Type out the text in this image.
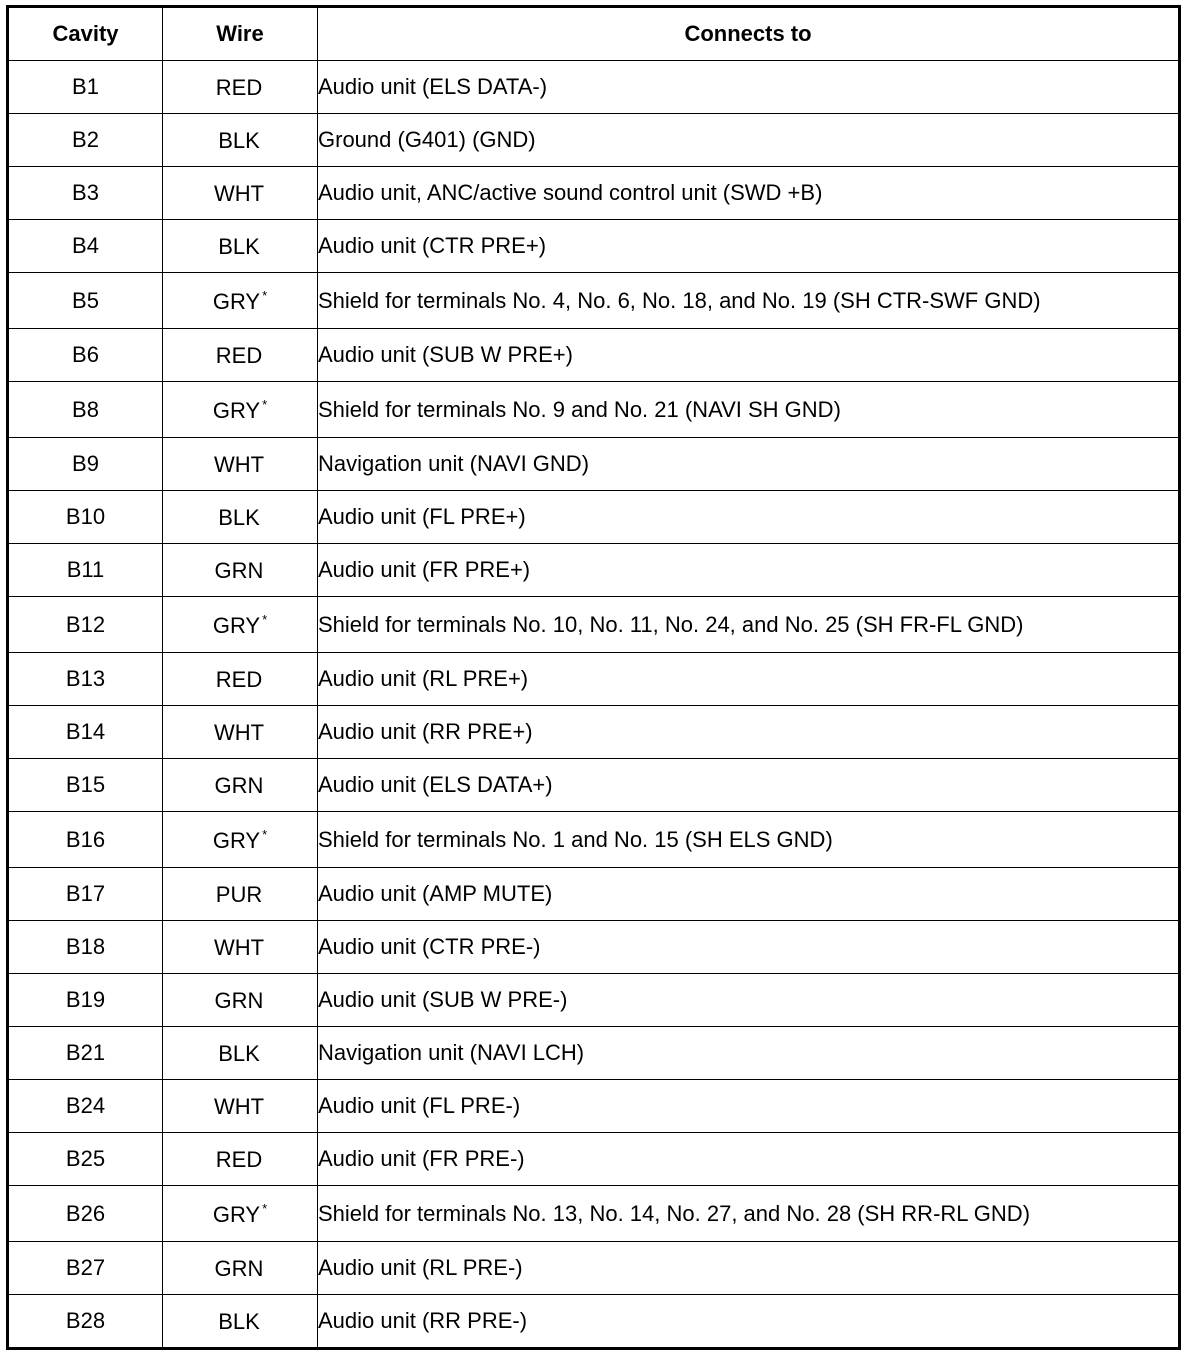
Cavity	Wire	Connects to
B1	RED	Audio unit (ELS DATA-)
B2	BLK	Ground (G401) (GND)
B3	WHT	Audio unit, ANC/active sound control unit (SWD +B)
B4	BLK	Audio unit (CTR PRE+)
B5	GRY *	Shield for terminals No. 4, No. 6, No. 18, and No. 19 (SH CTR-SWF GND)
B6	RED	Audio unit (SUB W PRE+)
B8	GRY *	Shield for terminals No. 9 and No. 21 (NAVI SH GND)
B9	WHT	Navigation unit (NAVI GND)
B10	BLK	Audio unit (FL PRE+)
B11	GRN	Audio unit (FR PRE+)
B12	GRY *	Shield for terminals No. 10, No. 11, No. 24, and No. 25 (SH FR-FL GND)
B13	RED	Audio unit (RL PRE+)
B14	WHT	Audio unit (RR PRE+)
B15	GRN	Audio unit (ELS DATA+)
B16	GRY *	Shield for terminals No. 1 and No. 15 (SH ELS GND)
B17	PUR	Audio unit (AMP MUTE)
B18	WHT	Audio unit (CTR PRE-)
B19	GRN	Audio unit (SUB W PRE-)
B21	BLK	Navigation unit (NAVI LCH)
B24	WHT	Audio unit (FL PRE-)
B25	RED	Audio unit (FR PRE-)
B26	GRY *	Shield for terminals No. 13, No. 14, No. 27, and No. 28 (SH RR-RL GND)
B27	GRN	Audio unit (RL PRE-)
B28	BLK	Audio unit (RR PRE-)
